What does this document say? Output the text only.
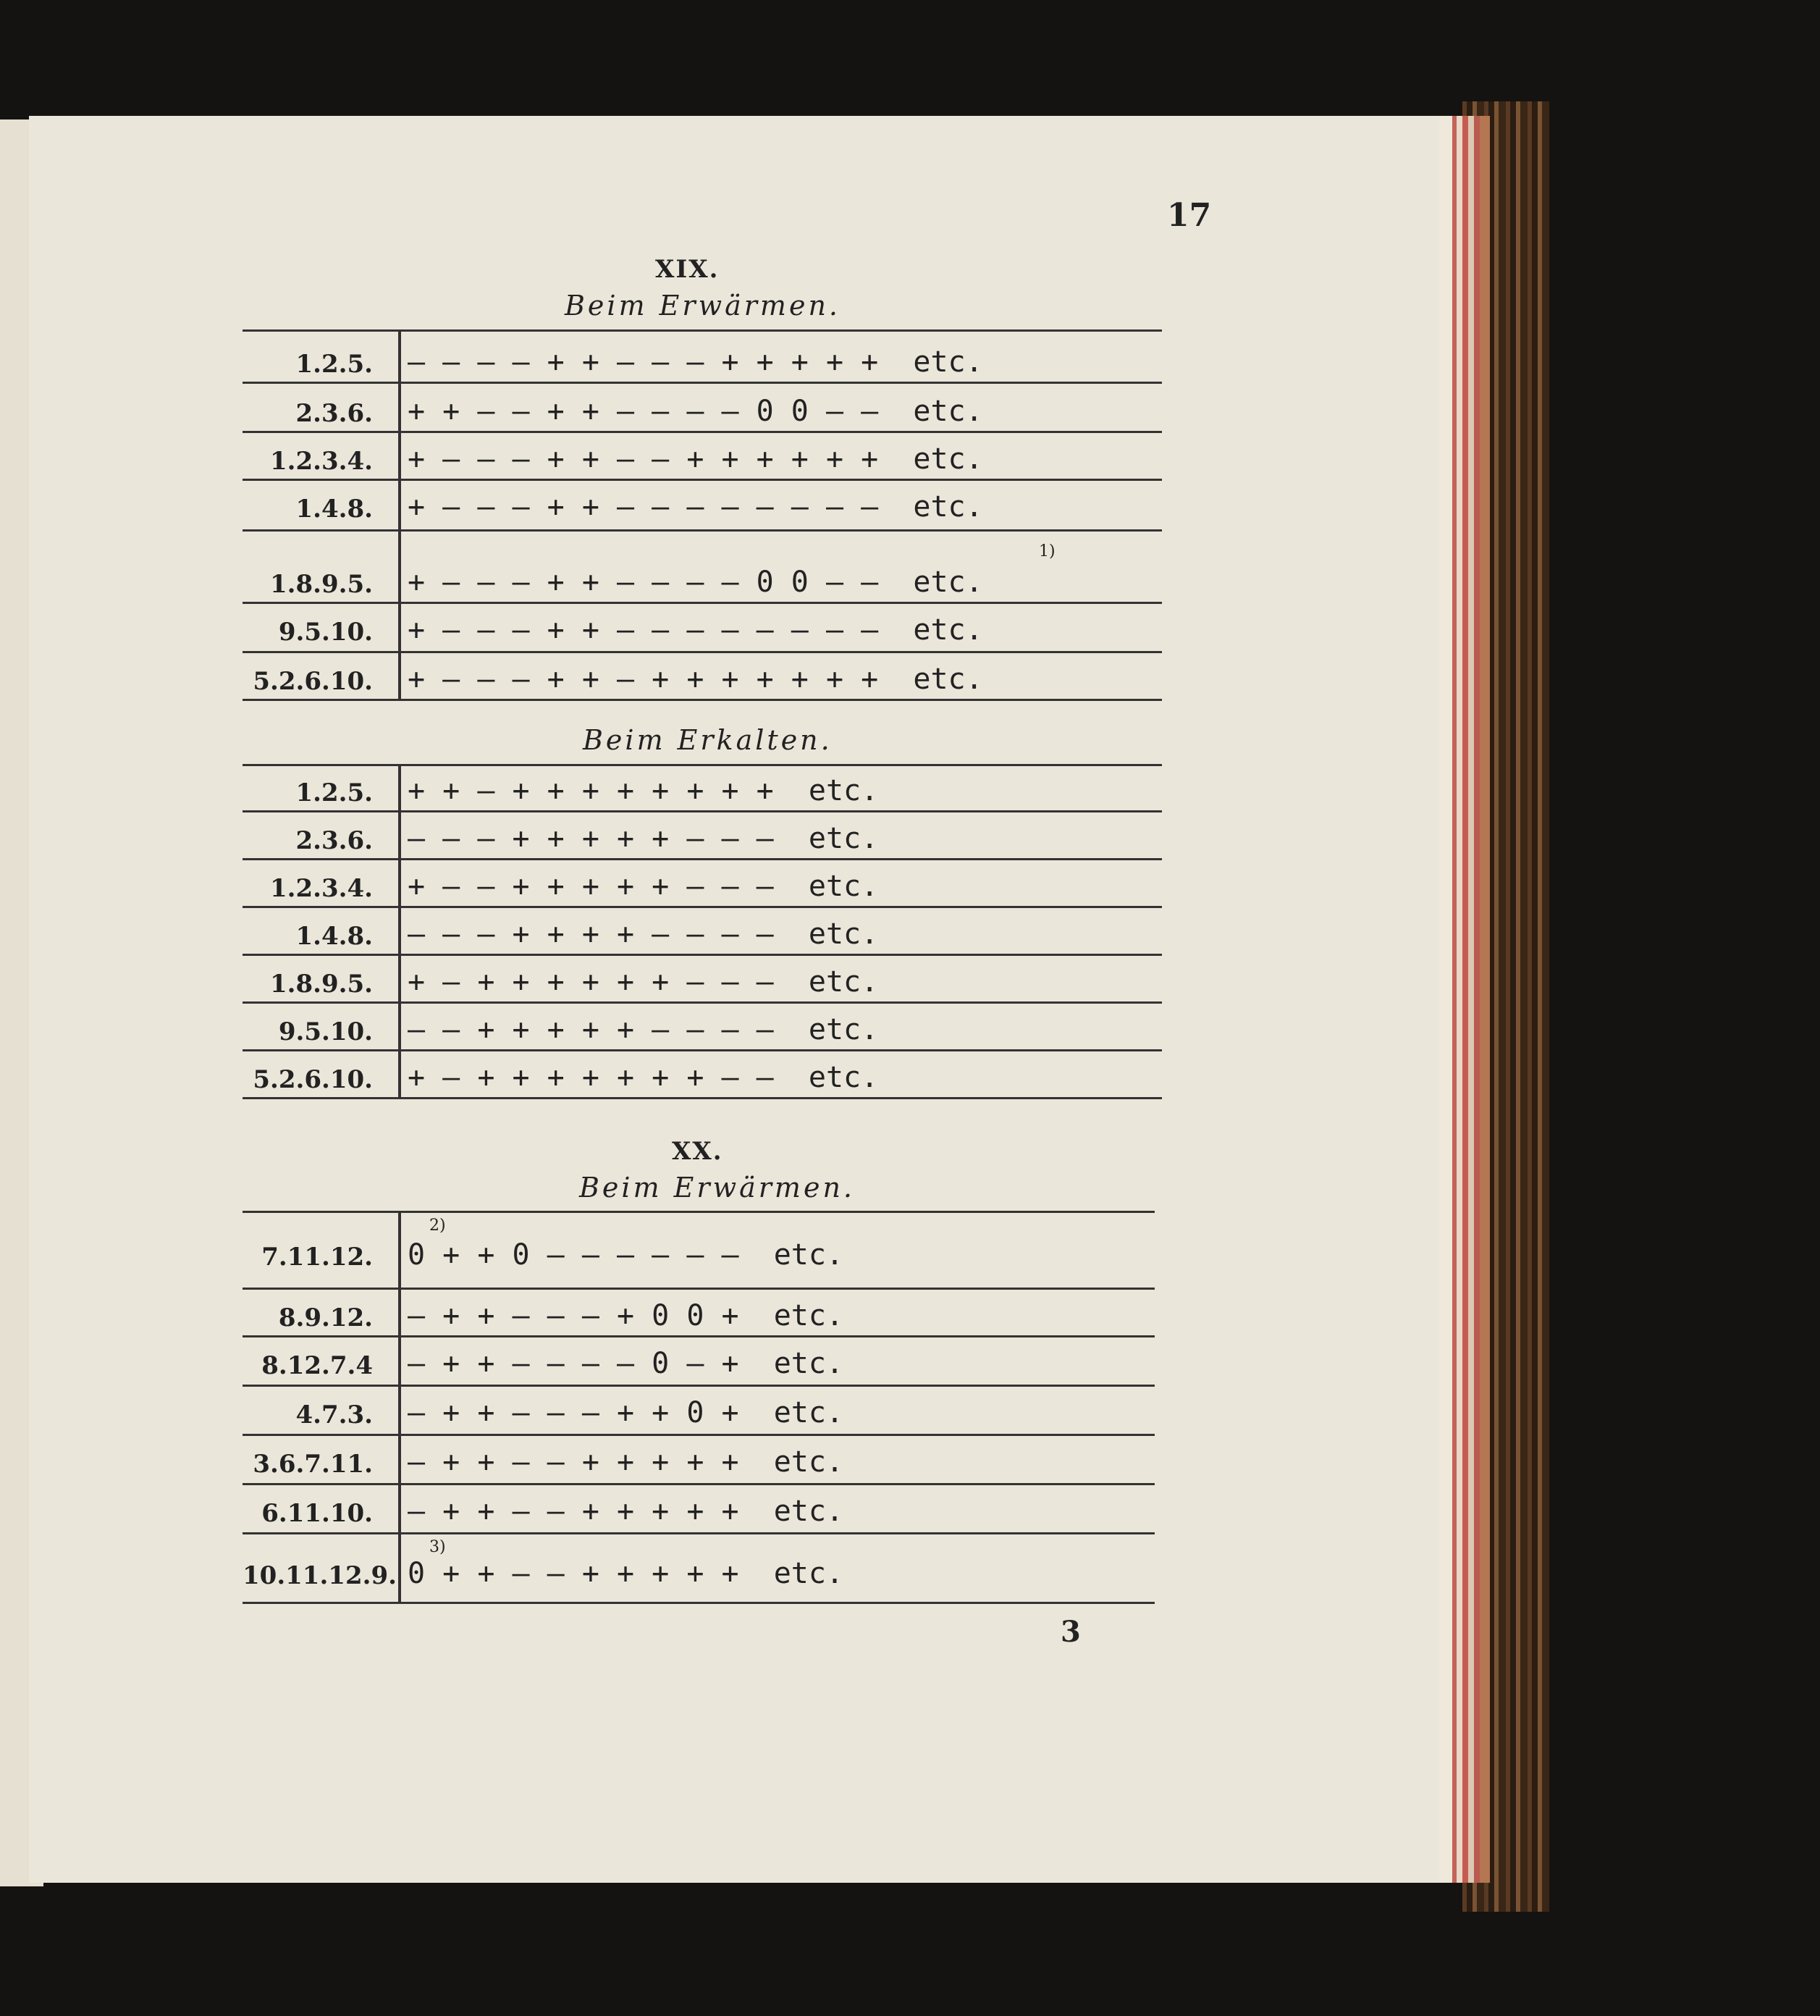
17
XIX.
Beim Erwärmen.
1.2.5. — — — — + + — — — + + + + +  etc.
2.3.6. + + — — + + — — — — 0 0 — —  etc.
1.2.3.4. + — — — + + — — + + + + + +  etc.
1.4.8. + — — — + + — — — — — — — —  etc.
1)
1.8.9.5. + — — — + + — — — — 0 0 — —  etc.
9.5.10. + — — — + + — — — — — — — —  etc.
5.2.6.10. + — — — + + — + + + + + + +  etc.
Beim Erkalten.
1.2.5. + + — + + + + + + + +  etc.
2.3.6. — — — + + + + + — — —  etc.
1.2.3.4. + — — + + + + + — — —  etc.
1.4.8. — — — + + + + — — — —  etc.
1.8.9.5. + — + + + + + + — — —  etc.
9.5.10. — — + + + + + — — — —  etc.
5.2.6.10. + — + + + + + + + — —  etc.
XX.
Beim Erwärmen.
2)
7.11.12. 0 + + 0 — — — — — —  etc.
8.9.12. — + + — — — + 0 0 +  etc.
8.12.7.4 — + + — — — — 0 — +  etc.
4.7.3. — + + — — — + + 0 +  etc.
3.6.7.11. — + + — — + + + + +  etc.
6.11.10. — + + — — + + + + +  etc.
3)
10.11.12.9. 0 + + — — + + + + +  etc.
3
